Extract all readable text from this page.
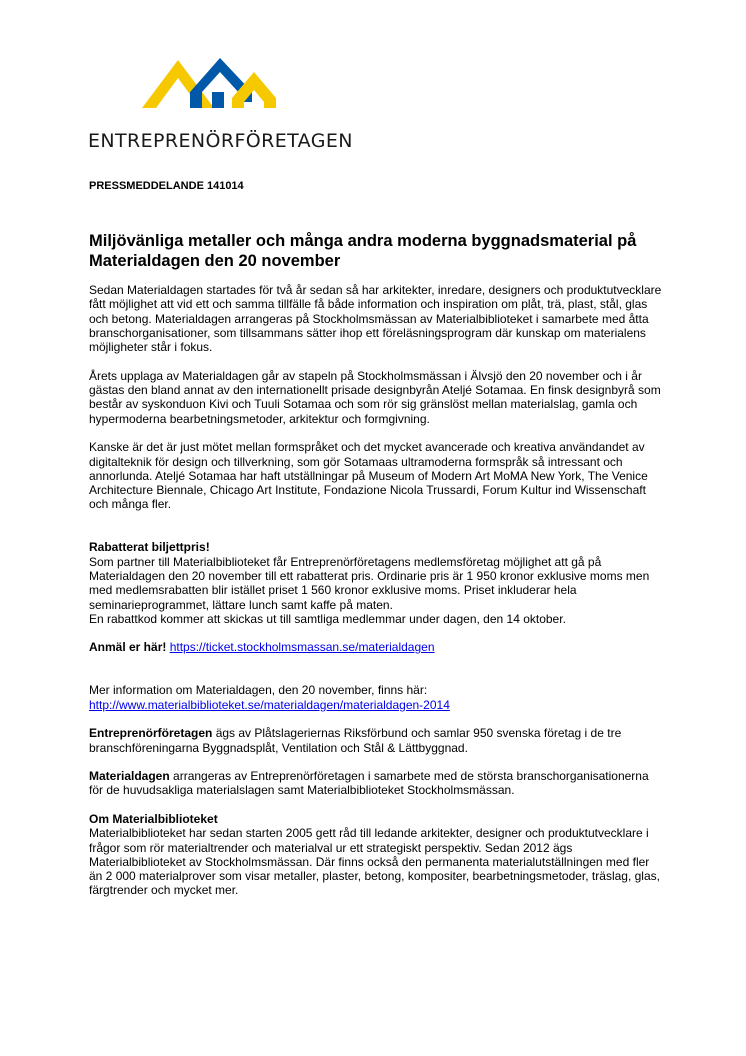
ENTREPRENÖRFÖRETAGEN
PRESSMEDDELANDE 141014
Miljövänliga metaller och många andra moderna byggnadsmaterial på Materialdagen den 20 november

Sedan Materialdagen startades för två år sedan så har arkitekter, inredare, designers och produktutvecklare fått möjlighet att vid ett och samma tillfälle få både information och inspiration om plåt, trä, plast, stål, glas och betong. Materialdagen arrangeras på Stockholmsmässan av Materialbiblioteket i samarbete med åtta branschorganisationer, som tillsammans sätter ihop ett föreläsningsprogram där kunskap om materialens möjligheter står i fokus.

Årets upplaga av Materialdagen går av stapeln på Stockholmsmässan i Älvsjö den 20 november och i år gästas den bland annat av den internationellt prisade designbyrån Ateljé Sotamaa. En finsk designbyrå som består av syskonduon Kivi och Tuuli Sotamaa och som rör sig gränslöst mellan materialslag, gamla och hypermoderna bearbetningsmetoder, arkitektur och formgivning.

Kanske är det är just mötet mellan formspråket och det mycket avancerade och kreativa användandet av digitalteknik för design och tillverkning, som gör Sotamaas ultramoderna formspråk så intressant och annorlunda. Ateljé Sotamaa har haft utställningar på Museum of Modern Art MoMA New York, The Venice Architecture Biennale, Chicago Art Institute, Fondazione Nicola Trussardi, Forum Kultur ind Wissenschaft och många fler.

Rabatterat biljettpris!
Som partner till Materialbiblioteket får Entreprenörföretagens medlemsföretag möjlighet att gå på Materialdagen den 20 november till ett rabatterat pris. Ordinarie pris är 1 950 kronor exklusive moms men med medlemsrabatten blir istället priset 1 560 kronor exklusive moms. Priset inkluderar hela seminarieprogrammet, lättare lunch samt kaffe på maten.
En rabattkod kommer att skickas ut till samtliga medlemmar under dagen, den 14 oktober.

Anmäl er här! https://ticket.stockholmsmassan.se/materialdagen

Mer information om Materialdagen, den 20 november, finns här:
http://www.materialbiblioteket.se/materialdagen/materialdagen-2014

Entreprenörföretagen ägs av Plåtslageriernas Riksförbund och samlar 950 svenska företag i de tre branschföreningarna Byggnadsplåt, Ventilation och Stål & Lättbyggnad.

Materialdagen arrangeras av Entreprenörföretagen i samarbete med de största branschorganisationerna för de huvudsakliga materialslagen samt Materialbiblioteket Stockholmsmässan.

Om Materialbiblioteket
Materialbiblioteket har sedan starten 2005 gett råd till ledande arkitekter, designer och produktutvecklare i frågor som rör materialtrender och materialval ur ett strategiskt perspektiv. Sedan 2012 ägs Materialbiblioteket av Stockholmsmässan. Där finns också den permanenta materialutställningen med fler än 2 000 materialprover som visar metaller, plaster, betong, kompositer, bearbetningsmetoder, träslag, glas, färgtrender och mycket mer.
